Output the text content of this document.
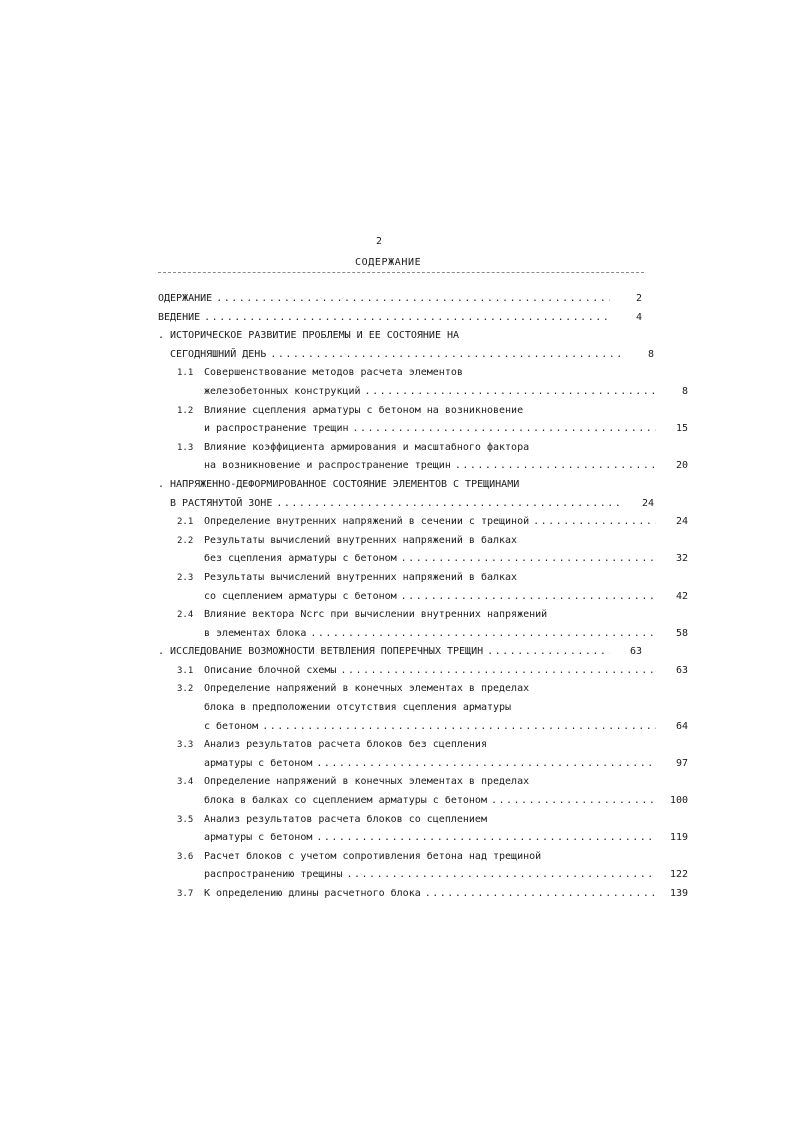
2
СОДЕРЖАНИЕ
ОДЕРЖАНИЕ .....	2
ВЕДЕНИЕ .....	4
. ИСТОРИЧЕСКОЕ РАЗВИТИЕ ПРОБЛЕМЫ И ЕЕ СОСТОЯНИЕ НА
СЕГОДНЯШНИЙ ДЕНЬ .....	8
1.1 Совершенствование методов расчета элементов
железобетонных конструкций .....	8
1.2 Влияние сцепления арматуры с бетоном на возникновение
и распространение трещин .....	15
1.3 Влияние коэффициента армирования и масштабного фактора
на возникновение и распространение трещин .....	20
. НАПРЯЖЕННО-ДЕФОРМИРОВАННОЕ СОСТОЯНИЕ ЭЛЕМЕНТОВ С ТРЕЩИНАМИ
В РАСТЯНУТОЙ ЗОНЕ .....	24
2.1 Определение внутренних напряжений в сечении с трещиной .....	24
2.2 Результаты вычислений внутренних напряжений в балках
без сцепления арматуры с бетоном .....	32
2.3 Результаты вычислений внутренних напряжений в балках
со сцеплением арматуры с бетоном .....	42
2.4 Влияние вектора Nсrc при вычислении внутренних напряжений
в элементах блока .....	58
. ИССЛЕДОВАНИЕ ВОЗМОЖНОСТИ ВЕТВЛЕНИЯ ПОПЕРЕЧНЫХ ТРЕЩИН .....	63
3.1 Описание блочной схемы .....	63
3.2 Определение напряжений в конечных элементах в пределах
блока в предположении отсутствия сцепления арматуры
с бетоном .....	64
3.3 Анализ результатов расчета блоков без сцепления
арматуры с бетоном .....	97
3.4 Определение напряжений в конечных элементах в пределах
блока в балках со сцеплением арматуры с бетоном .....	100
3.5 Анализ результатов расчета блоков со сцеплением
арматуры с бетоном .....	119
3.6 Расчет блоков с учетом сопротивления бетона над трещиной
распространению трещины .....	122
3.7 К определению длины расчетного блока .....	139
